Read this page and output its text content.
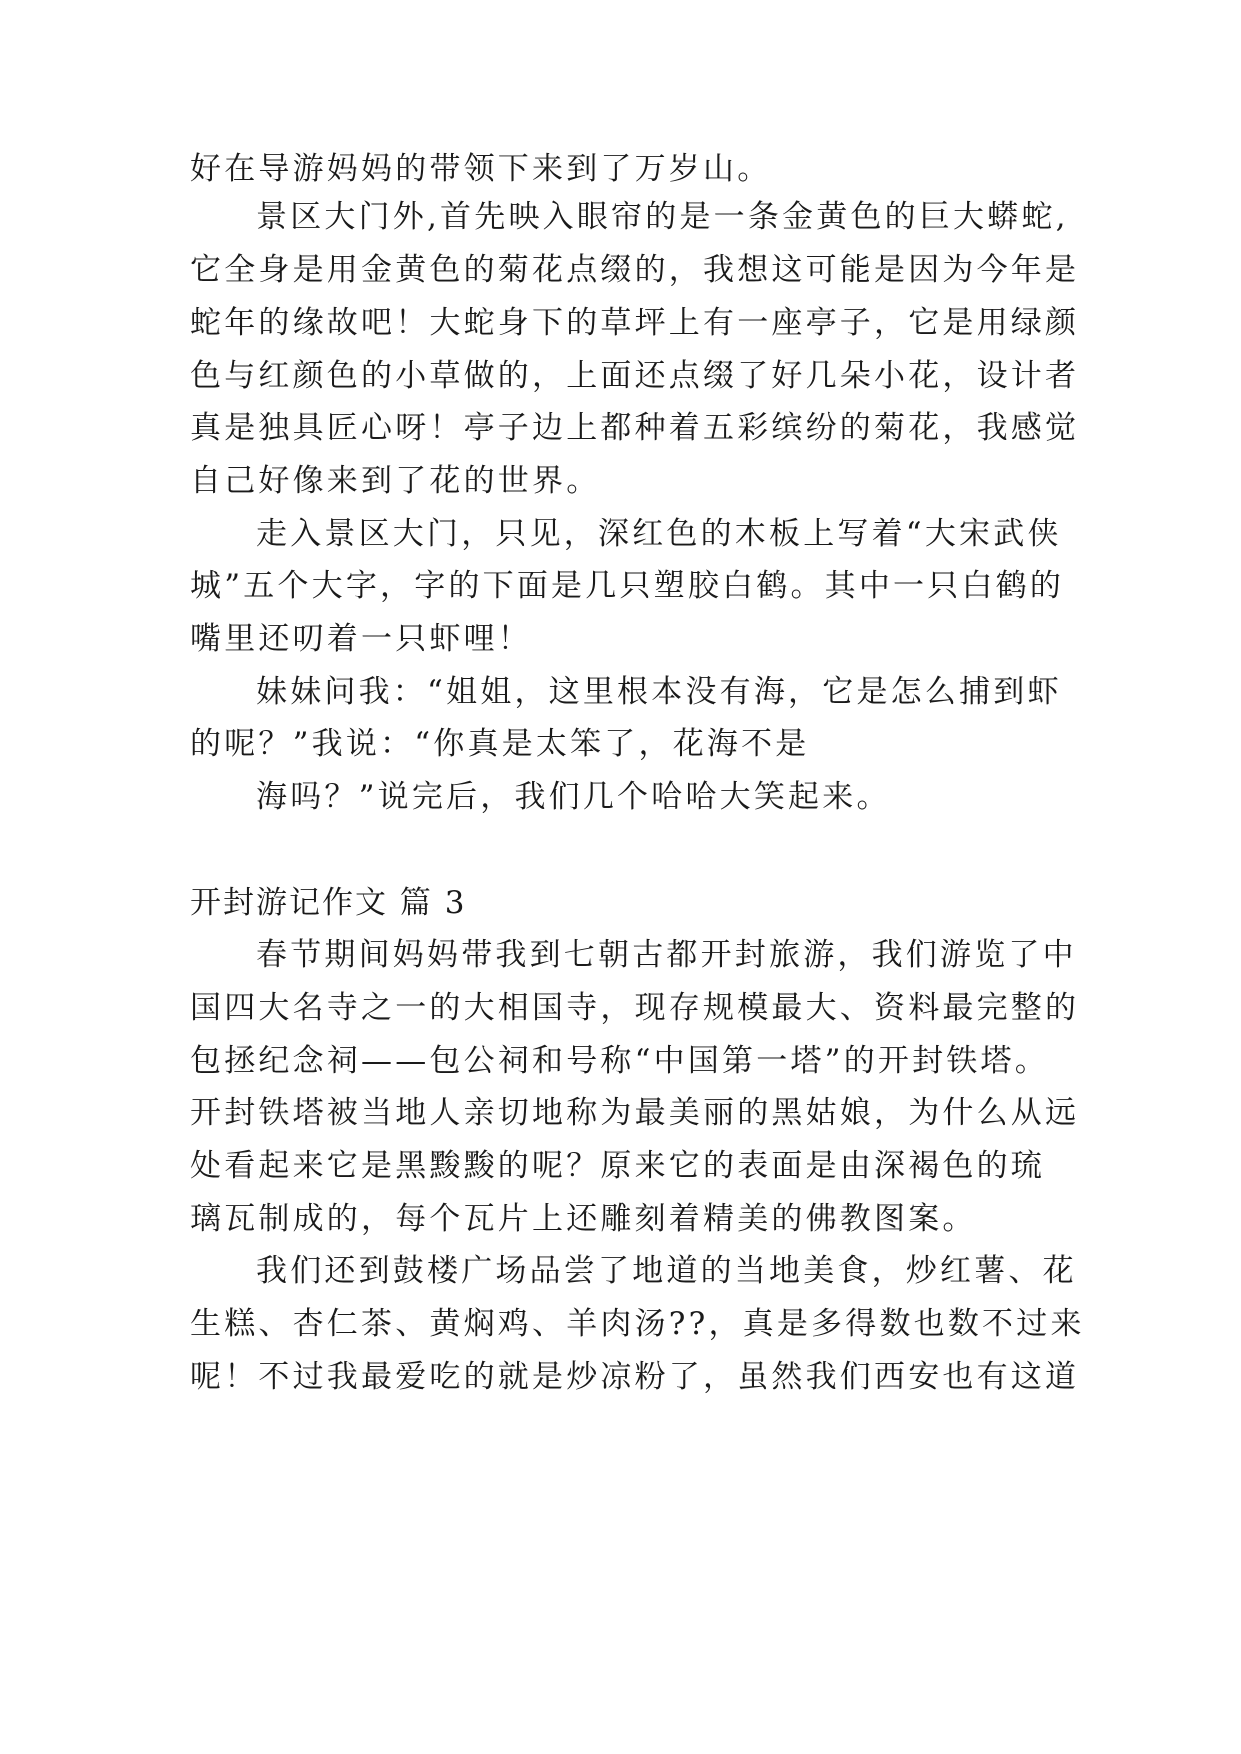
好在导游妈妈的带领下来到了万岁山。
景区大门外,首先映入眼帘的是一条金黄色的巨大蟒蛇,
它全身是用金黄色的菊花点缀的，我想这可能是因为今年是
蛇年的缘故吧！大蛇身下的草坪上有一座亭子，它是用绿颜
色与红颜色的小草做的，上面还点缀了好几朵小花，设计者
真是独具匠心呀！亭子边上都种着五彩缤纷的菊花，我感觉
自己好像来到了花的世界。
走入景区大门，只见，深红色的木板上写着“大宋武侠
城”五个大字，字的下面是几只塑胶白鹤。其中一只白鹤的
嘴里还叨着一只虾哩！
妹妹问我：“姐姐，这里根本没有海，它是怎么捕到虾
的呢？”我说：“你真是太笨了，花海不是
海吗？”说完后，我们几个哈哈大笑起来。
开封游记作文 篇 3
春节期间妈妈带我到七朝古都开封旅游，我们游览了中
国四大名寺之一的大相国寺，现存规模最大、资料最完整的
包拯纪念祠——包公祠和号称“中国第一塔”的开封铁塔。
开封铁塔被当地人亲切地称为最美丽的黑姑娘，为什么从远
处看起来它是黑黢黢的呢？原来它的表面是由深褐色的琉
璃瓦制成的，每个瓦片上还雕刻着精美的佛教图案。
我们还到鼓楼广场品尝了地道的当地美食，炒红薯、花
生糕、杏仁茶、黄焖鸡、羊肉汤??，真是多得数也数不过来
呢！不过我最爱吃的就是炒凉粉了，虽然我们西安也有这道
